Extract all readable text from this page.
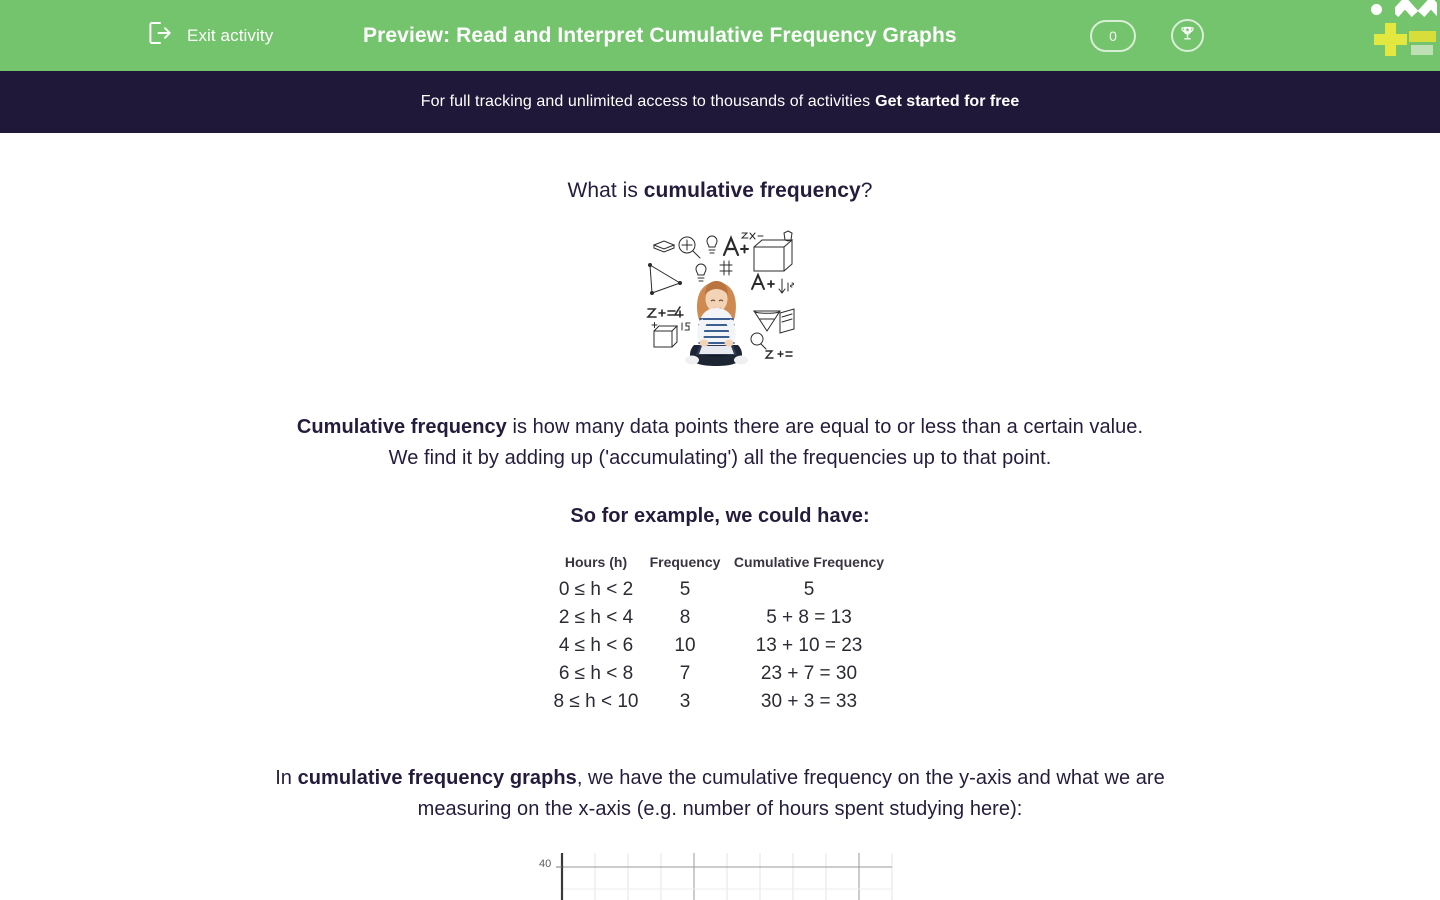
Exit activity	Preview: Read and Interpret Cumulative Frequency Graphs	0
For full tracking and unlimited access to thousands of activities Get started for free
What is cumulative frequency?
Cumulative frequency is how many data points there are equal to or less than a certain value.
We find it by adding up ('accumulating') all the frequencies up to that point.
So for example, we could have:
Hours (h)	Frequency	Cumulative Frequency
0 ≤ h < 2	5	5
2 ≤ h < 4	8	5 + 8 = 13
4 ≤ h < 6	10	13 + 10 = 23
6 ≤ h < 8	7	23 + 7 = 30
8 ≤ h < 10	3	30 + 3 = 33
In cumulative frequency graphs, we have the cumulative frequency on the y-axis and what we are
measuring on the x-axis (e.g. number of hours spent studying here):
40
